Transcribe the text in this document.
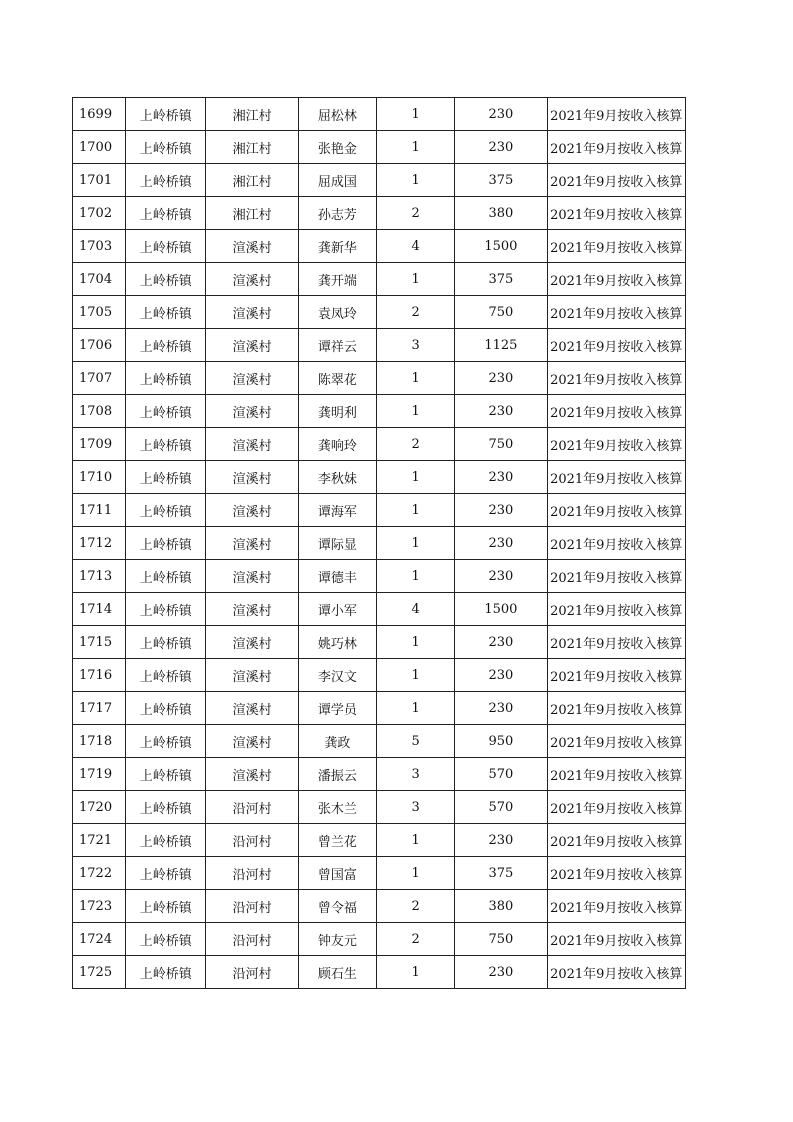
1699	上岭桥镇	湘江村	屈松林	1	230	2021年9月按收入核算
1700	上岭桥镇	湘江村	张艳金	1	230	2021年9月按收入核算
1701	上岭桥镇	湘江村	屈成国	1	375	2021年9月按收入核算
1702	上岭桥镇	湘江村	孙志芳	2	380	2021年9月按收入核算
1703	上岭桥镇	渲溪村	龚新华	4	1500	2021年9月按收入核算
1704	上岭桥镇	渲溪村	龚开端	1	375	2021年9月按收入核算
1705	上岭桥镇	渲溪村	袁凤玲	2	750	2021年9月按收入核算
1706	上岭桥镇	渲溪村	谭祥云	3	1125	2021年9月按收入核算
1707	上岭桥镇	渲溪村	陈翠花	1	230	2021年9月按收入核算
1708	上岭桥镇	渲溪村	龚明利	1	230	2021年9月按收入核算
1709	上岭桥镇	渲溪村	龚响玲	2	750	2021年9月按收入核算
1710	上岭桥镇	渲溪村	李秋妹	1	230	2021年9月按收入核算
1711	上岭桥镇	渲溪村	谭海军	1	230	2021年9月按收入核算
1712	上岭桥镇	渲溪村	谭际显	1	230	2021年9月按收入核算
1713	上岭桥镇	渲溪村	谭德丰	1	230	2021年9月按收入核算
1714	上岭桥镇	渲溪村	谭小军	4	1500	2021年9月按收入核算
1715	上岭桥镇	渲溪村	姚巧林	1	230	2021年9月按收入核算
1716	上岭桥镇	渲溪村	李汉文	1	230	2021年9月按收入核算
1717	上岭桥镇	渲溪村	谭学员	1	230	2021年9月按收入核算
1718	上岭桥镇	渲溪村	龚政	5	950	2021年9月按收入核算
1719	上岭桥镇	渲溪村	潘振云	3	570	2021年9月按收入核算
1720	上岭桥镇	沿河村	张木兰	3	570	2021年9月按收入核算
1721	上岭桥镇	沿河村	曾兰花	1	230	2021年9月按收入核算
1722	上岭桥镇	沿河村	曾国富	1	375	2021年9月按收入核算
1723	上岭桥镇	沿河村	曾令福	2	380	2021年9月按收入核算
1724	上岭桥镇	沿河村	钟友元	2	750	2021年9月按收入核算
1725	上岭桥镇	沿河村	顾石生	1	230	2021年9月按收入核算
